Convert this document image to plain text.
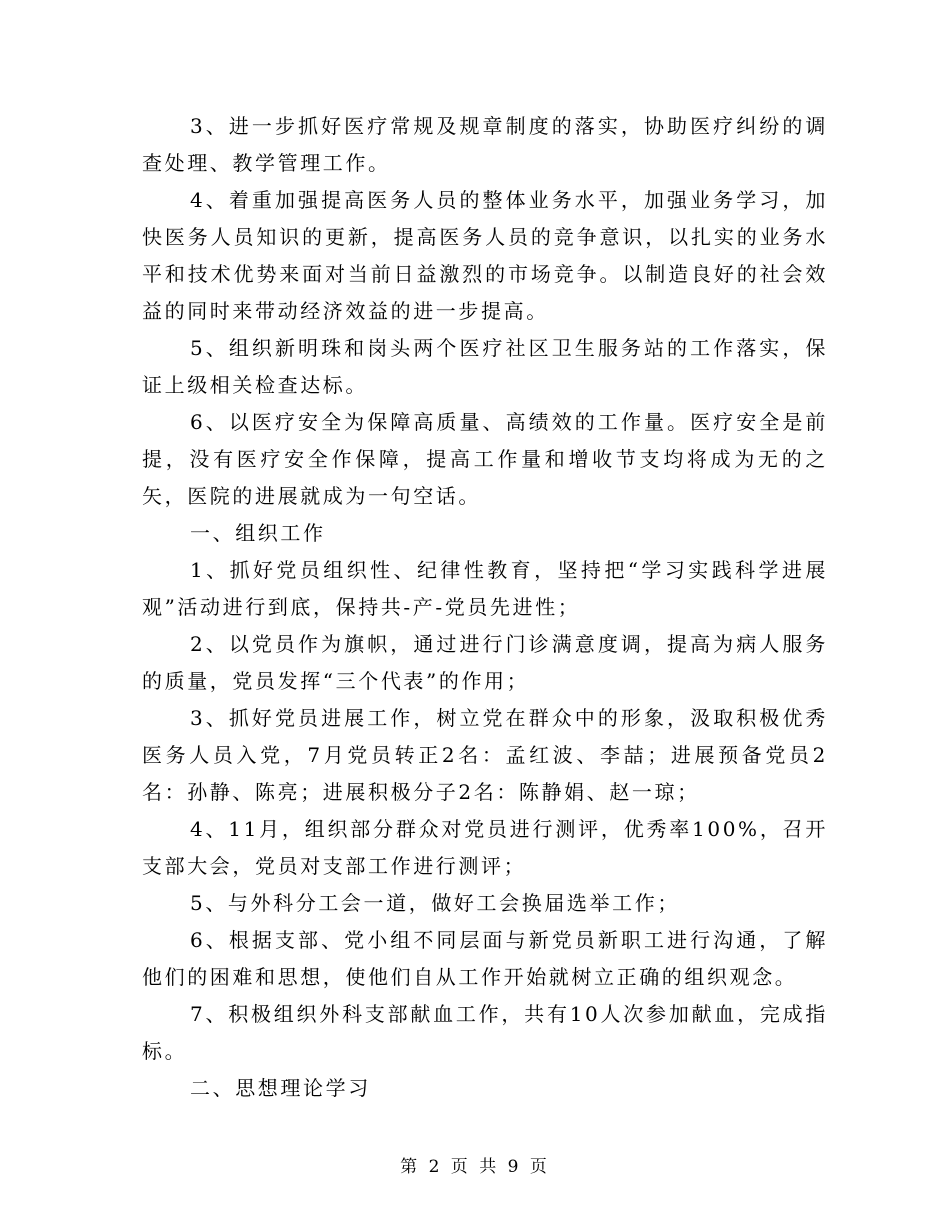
3、进一步抓好医疗常规及规章制度的落实，协助医疗纠纷的调查处理、教学管理工作。

4、着重加强提高医务人员的整体业务水平，加强业务学习，加快医务人员知识的更新，提高医务人员的竞争意识，以扎实的业务水平和技术优势来面对当前日益激烈的市场竞争。以制造良好的社会效益的同时来带动经济效益的进一步提高。

5、组织新明珠和岗头两个医疗社区卫生服务站的工作落实，保证上级相关检查达标。

6、以医疗安全为保障高质量、高绩效的工作量。医疗安全是前提，没有医疗安全作保障，提高工作量和增收节支均将成为无的之矢，医院的进展就成为一句空话。

一、组织工作

1、抓好党员组织性、纪律性教育，坚持把“学习实践科学进展观”活动进行到底，保持共-产-党员先进性；

2、以党员作为旗帜，通过进行门诊满意度调，提高为病人服务的质量，党员发挥“三个代表”的作用；

3、抓好党员进展工作，树立党在群众中的形象，汲取积极优秀医务人员入党，7月党员转正2名：孟红波、李喆；进展预备党员2名：孙静、陈亮；进展积极分子2名：陈静娟、赵一琼；

4、11月，组织部分群众对党员进行测评，优秀率100%，召开支部大会，党员对支部工作进行测评；

5、与外科分工会一道，做好工会换届选举工作；

6、根据支部、党小组不同层面与新党员新职工进行沟通，了解他们的困难和思想，使他们自从工作开始就树立正确的组织观念。

7、积极组织外科支部献血工作，共有10人次参加献血，完成指标。

二、思想理论学习

第 2 页 共 9 页
